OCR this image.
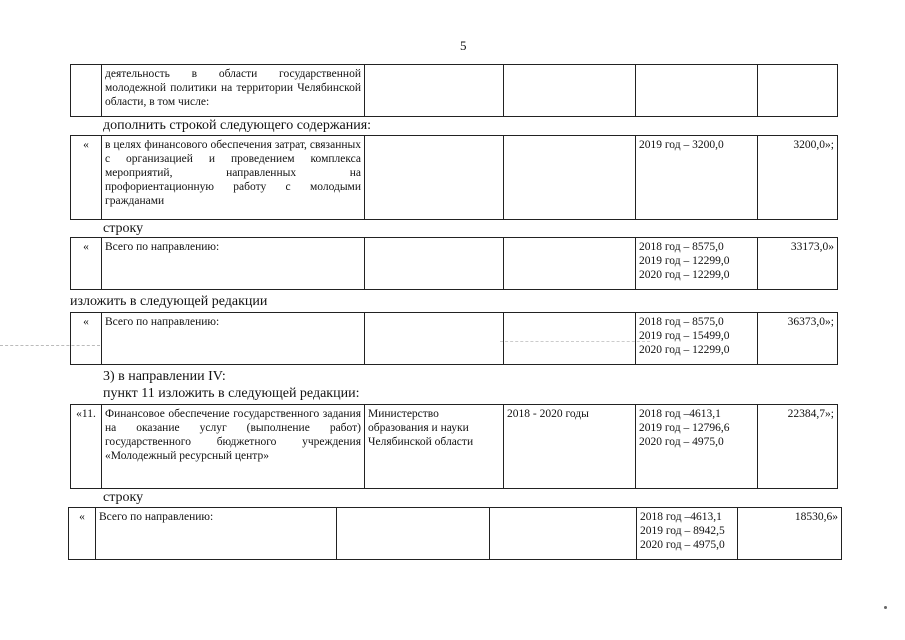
5
	деятельность в области государственной молодежной политики на территории Челябинской области, в том числе:				
дополнить строкой следующего содержания:
«	в целях финансового обеспечения затрат, связанных с организацией и проведением комплекса мероприятий, направленных на профориентационную работу с молодыми гражданами			2019 год – 3200,0	3200,0»;
строку
«	Всего по направлению:			2018 год – 8575,0
2019 год – 12299,0
2020 год – 12299,0
	33173,0»
изложить в следующей редакции
«	Всего по направлению:			2018 год – 8575,0
2019 год – 15499,0
2020 год – 12299,0
	36373,0»;
3) в направлении IV:
пункт 11 изложить в следующей редакции:
«11.	Финансовое обеспечение государственного задания на оказание услуг (выполнение работ) государственного бюджетного учреждения «Молодежный ресурсный центр»	Министерство образования и науки Челябинской области	2018 - 2020 годы	2018 год –4613,1
2019 год – 12796,6
2020 год – 4975,0
	22384,7»;
строку
«	Всего по направлению:			2018 год –4613,1
2019 год – 8942,5
2020 год – 4975,0
	18530,6»
